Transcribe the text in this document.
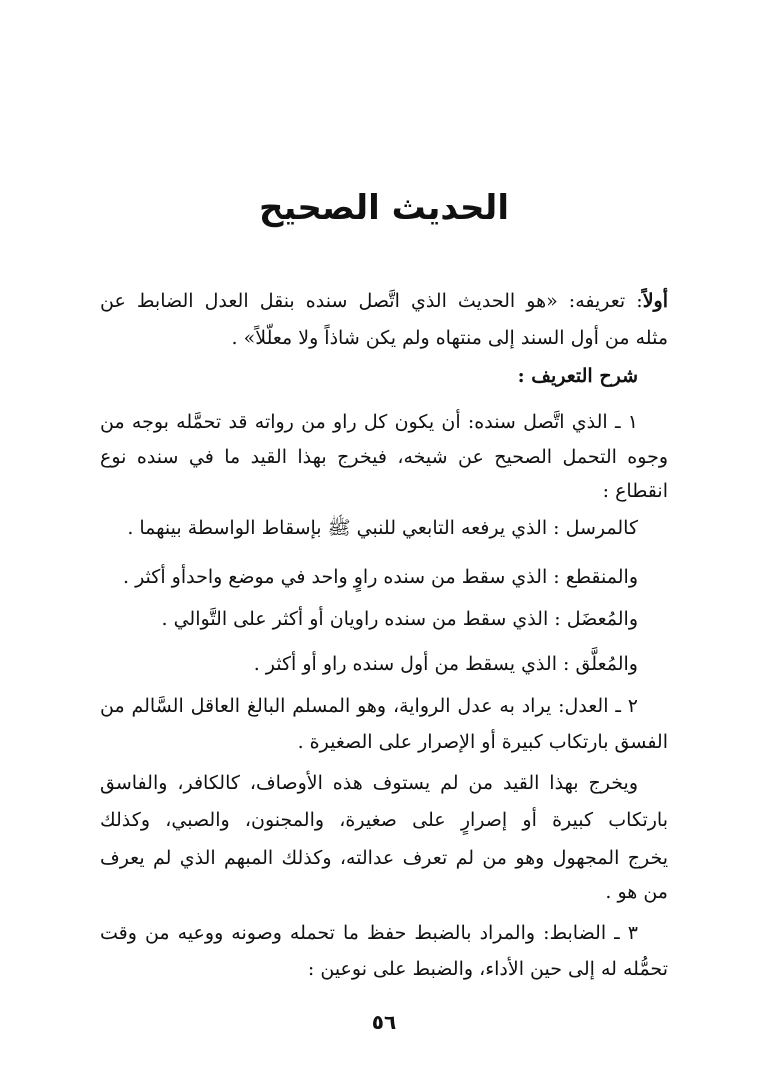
الحديث الصحيح
أولاً: تعريفه: «هو الحديث الذي اتَّصل سنده بنقل العدل الضابط عن
مثله من أول السند إلى منتهاه ولم يكن شاذاً ولا معلّلاً» .
شرح التعريف :
١ ـ الذي اتَّصل سنده: أن يكون كل راو من رواته قد تحمَّله بوجه من
وجوه التحمل الصحيح عن شيخه، فيخرج بهذا القيد ما في سنده نوع
انقطاع :
كالمرسل : الذي يرفعه التابعي للنبي ﷺ بإسقاط الواسطة بينهما .
والمنقطع : الذي سقط من سنده راوٍ واحد في موضع واحدأو أكثر .
والمُعضَل : الذي سقط من سنده راويان أو أكثر على التَّوالي .
والمُعلَّق : الذي يسقط من أول سنده راو أو أكثر .
٢ ـ العدل: يراد به عدل الرواية، وهو المسلم البالغ العاقل السَّالم من
الفسق بارتكاب كبيرة أو الإصرار على الصغيرة .
ويخرج بهذا القيد من لم يستوف هذه الأوصاف، كالكافر، والفاسق
بارتكاب كبيرة أو إصرارٍ على صغيرة، والمجنون، والصبي، وكذلك
يخرج المجهول وهو من لم تعرف عدالته، وكذلك المبهم الذي لم يعرف
من هو .
٣ ـ الضابط: والمراد بالضبط حفظ ما تحمله وصونه ووعيه من وقت
تحمُّله له إلى حين الأداء، والضبط على نوعين :
٥٦
